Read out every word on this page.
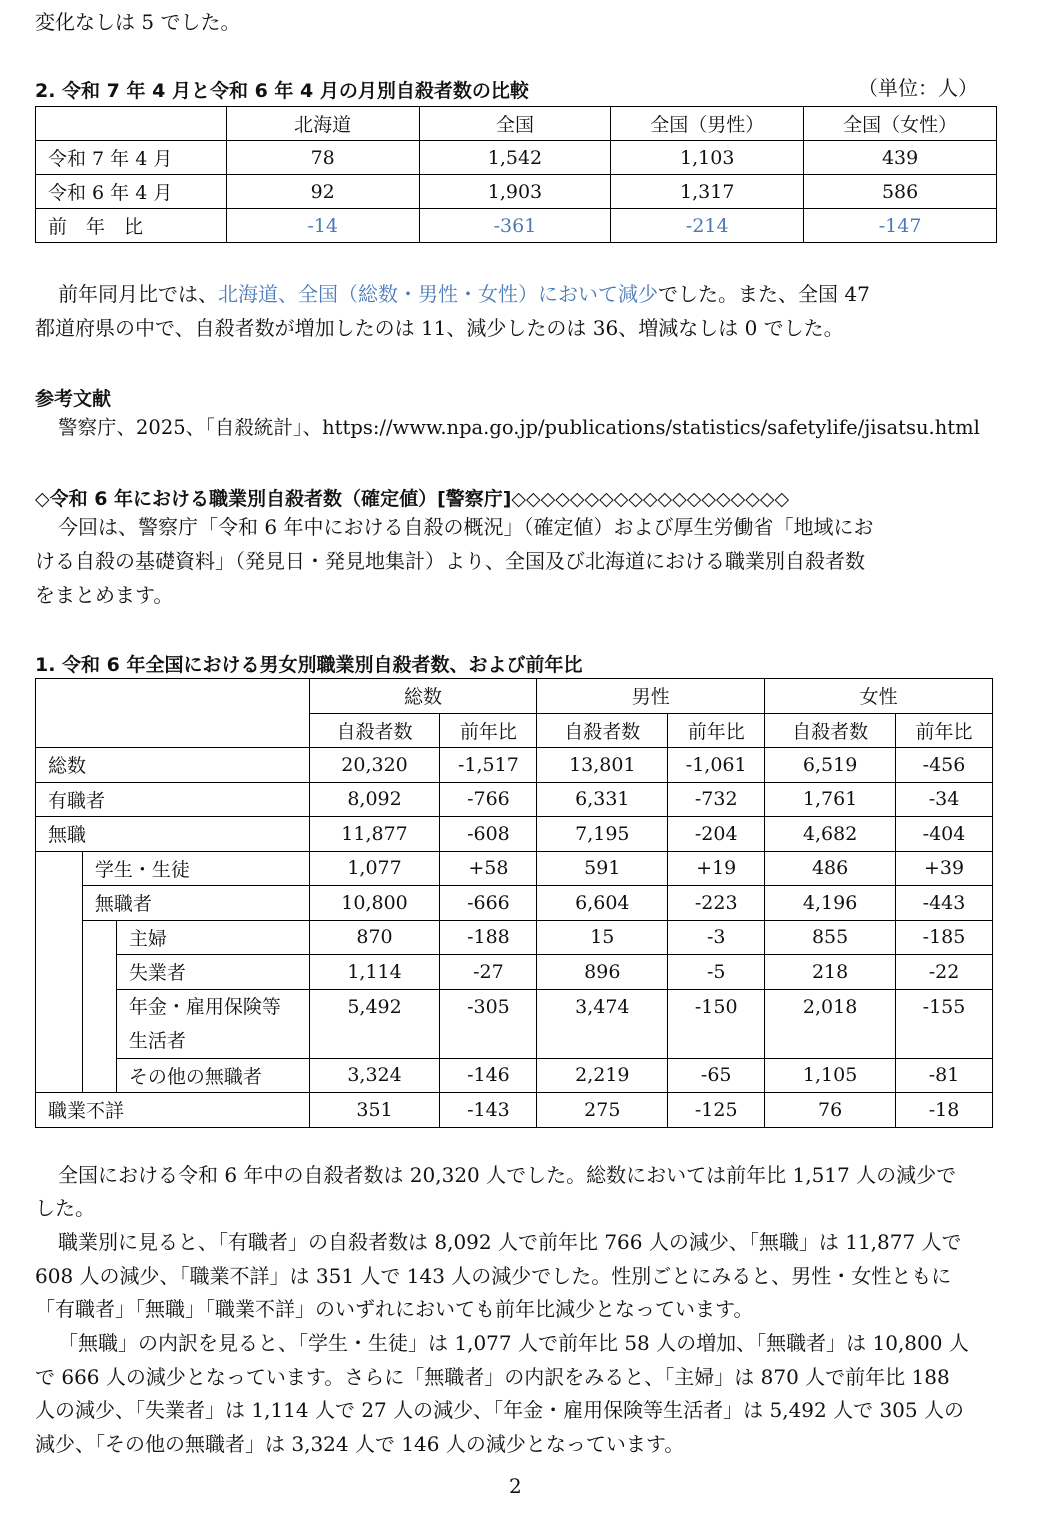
変化なしは 5 でした。
2. 令和 7 年 4 月と令和 6 年 4 月の月別自殺者数の比較	（単位：人）
	北海道	全国	全国（男性）	全国（女性）
令和 7 年 4 月	78	1,542	1,103	439
令和 6 年 4 月	92	1,903	1,317	586
前　年　比	-14	-361	-214	-147
前年同月比では、北海道、全国（総数・男性・女性）において減少でした。また、全国 47
都道府県の中で、自殺者数が増加したのは 11、減少したのは 36、増減なしは 0 でした。
参考文献
警察庁、2025、「自殺統計」、https://www.npa.go.jp/publications/statistics/safetylife/jisatsu.html
◇令和 6 年における職業別自殺者数（確定値）[警察庁]◇◇◇◇◇◇◇◇◇◇◇◇◇◇◇◇◇◇◇
今回は、警察庁「令和 6 年中における自殺の概況」（確定値）および厚生労働省「地域にお
ける自殺の基礎資料」（発見日・発見地集計）より、全国及び北海道における職業別自殺者数
をまとめます。
1. 令和 6 年全国における男女別職業別自殺者数、および前年比
			総数		男性		女性	
			自殺者数	前年比	自殺者数	前年比	自殺者数	前年比
総数			20,320	-1,517	13,801	-1,061	6,519	-456
有職者			8,092	-766	6,331	-732	1,761	-34
無職			11,877	-608	7,195	-204	4,682	-404
	学生・生徒		1,077	+58	591	+19	486	+39
	無職者		10,800	-666	6,604	-223	4,196	-443
		主婦	870	-188	15	-3	855	-185
		失業者	1,114	-27	896	-5	218	-22
		年金・雇用保険等
生活者	5,492	-305	3,474	-150	2,018	-155

		その他の無職者	3,324	-146	2,219	-65	1,105	-81
職業不詳			351	-143	275	-125	76	-18
全国における令和 6 年中の自殺者数は 20,320 人でした。総数においては前年比 1,517 人の減少で
した。
職業別に見ると、「有職者」の自殺者数は 8,092 人で前年比 766 人の減少、「無職」は 11,877 人で
608 人の減少、「職業不詳」は 351 人で 143 人の減少でした。性別ごとにみると、男性・女性ともに
「有職者」「無職」「職業不詳」のいずれにおいても前年比減少となっています。
「無職」の内訳を見ると、「学生・生徒」は 1,077 人で前年比 58 人の増加、「無職者」は 10,800 人
で 666 人の減少となっています。さらに「無職者」の内訳をみると、「主婦」は 870 人で前年比 188
人の減少、「失業者」は 1,114 人で 27 人の減少、「年金・雇用保険等生活者」は 5,492 人で 305 人の
減少、「その他の無職者」は 3,324 人で 146 人の減少となっています。
2
